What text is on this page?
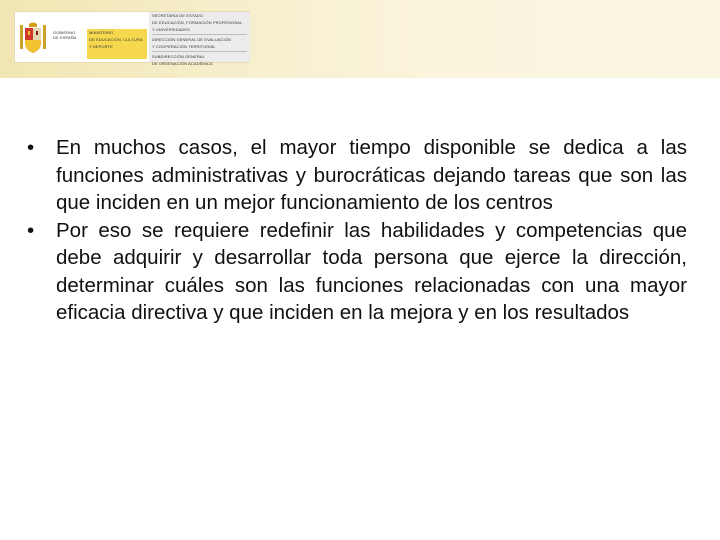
GOBIERNO
DE ESPAÑA
MINISTERIO
DE EDUCACIÓN, CULTURA
Y DEPORTE
SECRETARÍA DE ESTADO
DE EDUCACIÓN, FORMACIÓN PROFESIONAL
Y UNIVERSIDADES
DIRECCIÓN GENERAL DE EVALUACIÓN
Y COOPERACIÓN TERRITORIAL
SUBDIRECCIÓN GENERAL
DE ORDENACIÓN ACADÉMICA
•	En muchos casos, el mayor tiempo disponible se dedica a las funciones administrativas y burocráticas dejando tareas que son las que inciden en un mejor funcionamiento de los centros
•	Por eso se requiere redefinir las habilidades y competencias que debe adquirir y desarrollar toda persona que ejerce la dirección, determinar cuáles son las funciones relacionadas con una mayor eficacia directiva y que inciden en la mejora y en los resultados
